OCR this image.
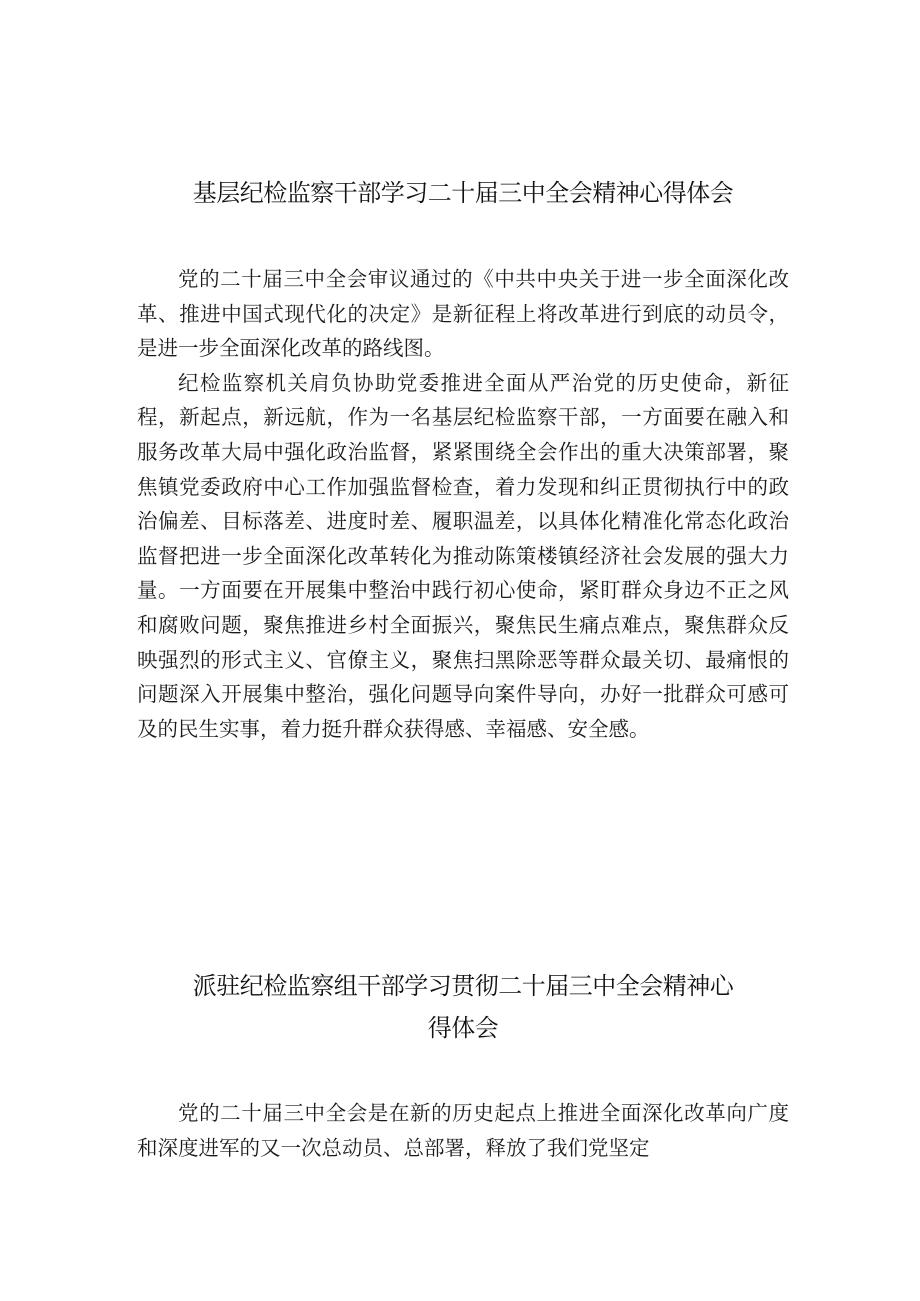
基层纪检监察干部学习二十届三中全会精神心得体会

党的二十届三中全会审议通过的《中共中央关于进一步全面深化改革、推进中国式现代化的决定》是新征程上将改革进行到底的动员令，是进一步全面深化改革的路线图。

纪检监察机关肩负协助党委推进全面从严治党的历史使命，新征程，新起点，新远航，作为一名基层纪检监察干部，一方面要在融入和服务改革大局中强化政治监督，紧紧围绕全会作出的重大决策部署，聚焦镇党委政府中心工作加强监督检查，着力发现和纠正贯彻执行中的政治偏差、目标落差、进度时差、履职温差，以具体化精准化常态化政治监督把进一步全面深化改革转化为推动陈策楼镇经济社会发展的强大力量。一方面要在开展集中整治中践行初心使命，紧盯群众身边不正之风和腐败问题，聚焦推进乡村全面振兴，聚焦民生痛点难点，聚焦群众反映强烈的形式主义、官僚主义，聚焦扫黑除恶等群众最关切、最痛恨的问题深入开展集中整治，强化问题导向案件导向，办好一批群众可感可及的民生实事，着力挺升群众获得感、幸福感、安全感。

派驻纪检监察组干部学习贯彻二十届三中全会精神心
得体会

党的二十届三中全会是在新的历史起点上推进全面深化改革向广度和深度进军的又一次总动员、总部署，释放了我们党坚定
